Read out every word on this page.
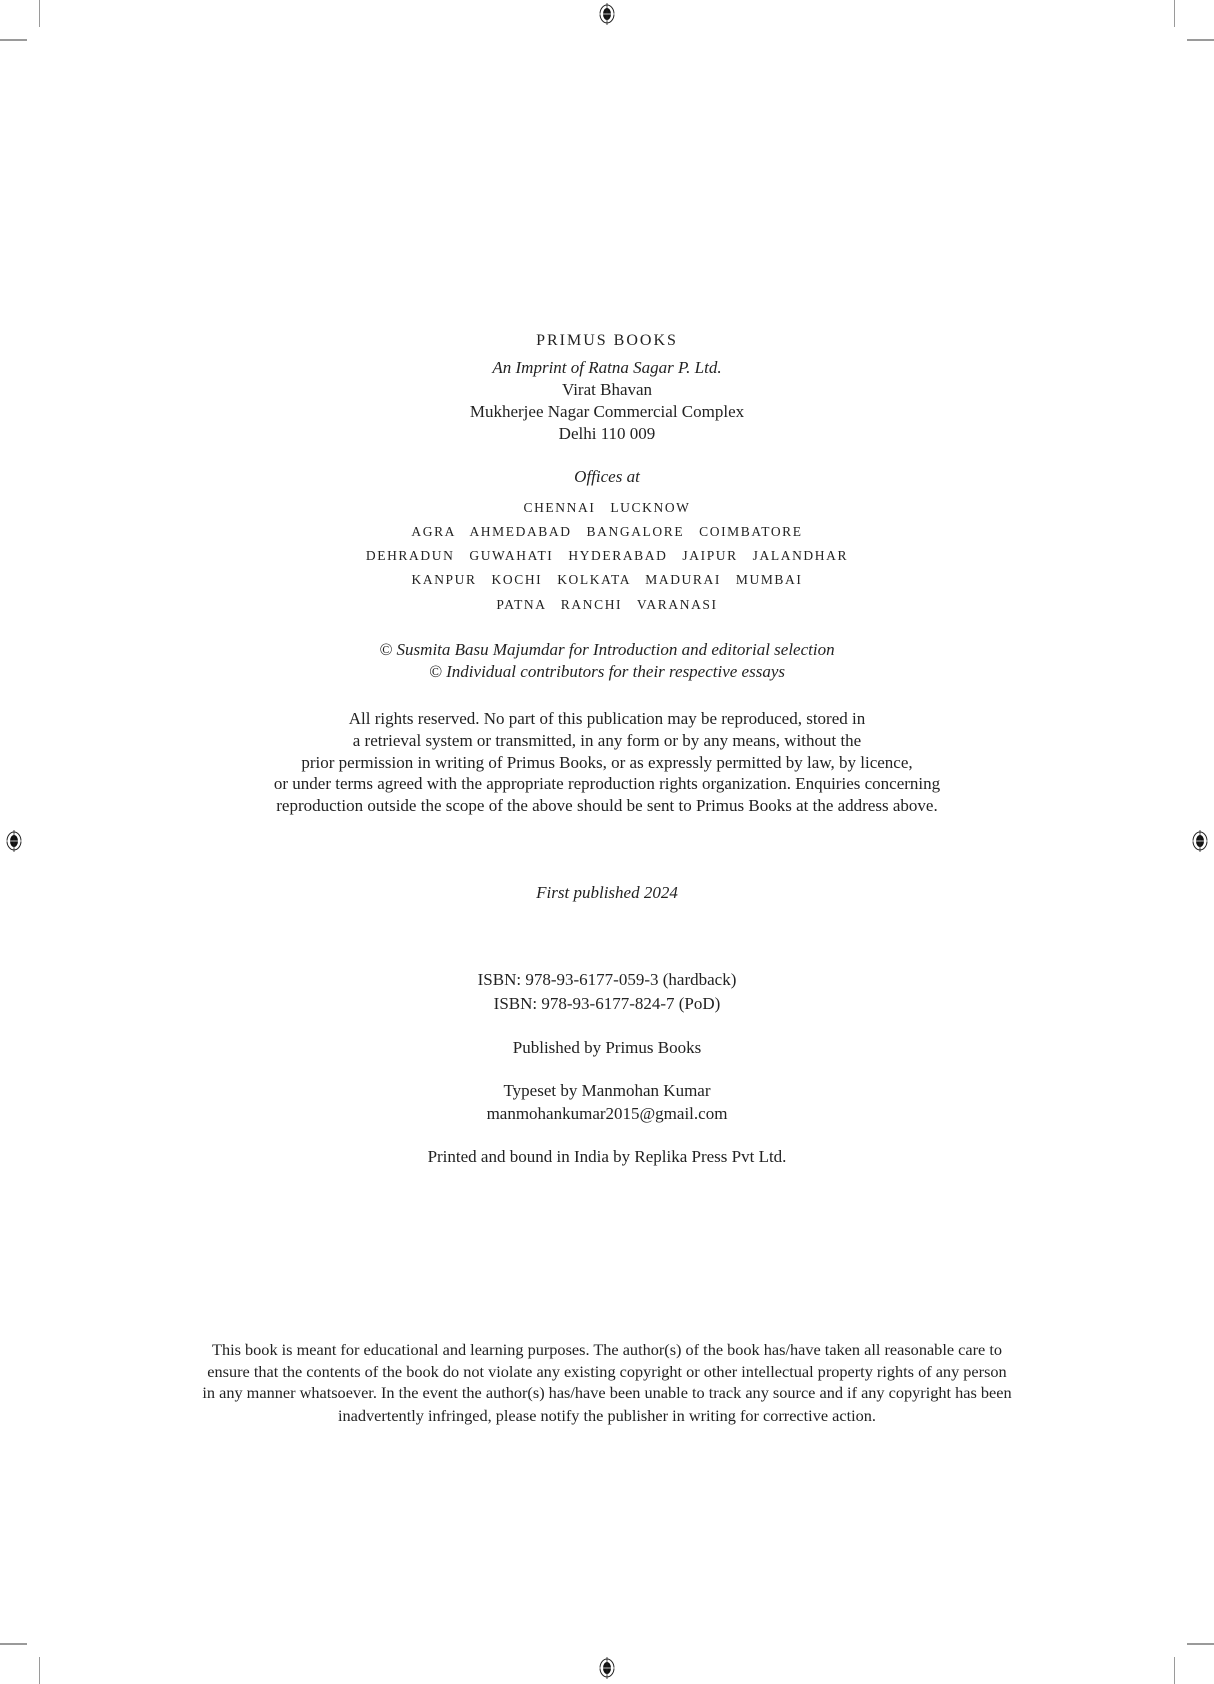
PRIMUS BOOKS
An Imprint of Ratna Sagar P. Ltd.
Virat Bhavan
Mukherjee Nagar Commercial Complex
Delhi 110 009
Offices at
CHENNAI   LUCKNOW
AGRA   AHMEDABAD   BANGALORE   COIMBATORE
DEHRADUN   GUWAHATI   HYDERABAD   JAIPUR   JALANDHAR
KANPUR   KOCHI   KOLKATA   MADURAI   MUMBAI
PATNA   RANCHI   VARANASI
© Susmita Basu Majumdar for Introduction and editorial selection
© Individual contributors for their respective essays
All rights reserved. No part of this publication may be reproduced, stored in
a retrieval system or transmitted, in any form or by any means, without the
prior permission in writing of Primus Books, or as expressly permitted by law, by licence,
or under terms agreed with the appropriate reproduction rights organization. Enquiries concerning
reproduction outside the scope of the above should be sent to Primus Books at the address above.
First published 2024
ISBN: 978-93-6177-059-3 (hardback)
ISBN: 978-93-6177-824-7 (PoD)
Published by Primus Books
Typeset by Manmohan Kumar
manmohankumar2015@gmail.com
Printed and bound in India by Replika Press Pvt Ltd.
This book is meant for educational and learning purposes. The author(s) of the book has/have taken all reasonable care to
ensure that the contents of the book do not violate any existing copyright or other intellectual property rights of any person
in any manner whatsoever. In the event the author(s) has/have been unable to track any source and if any copyright has been
inadvertently infringed, please notify the publisher in writing for corrective action.
